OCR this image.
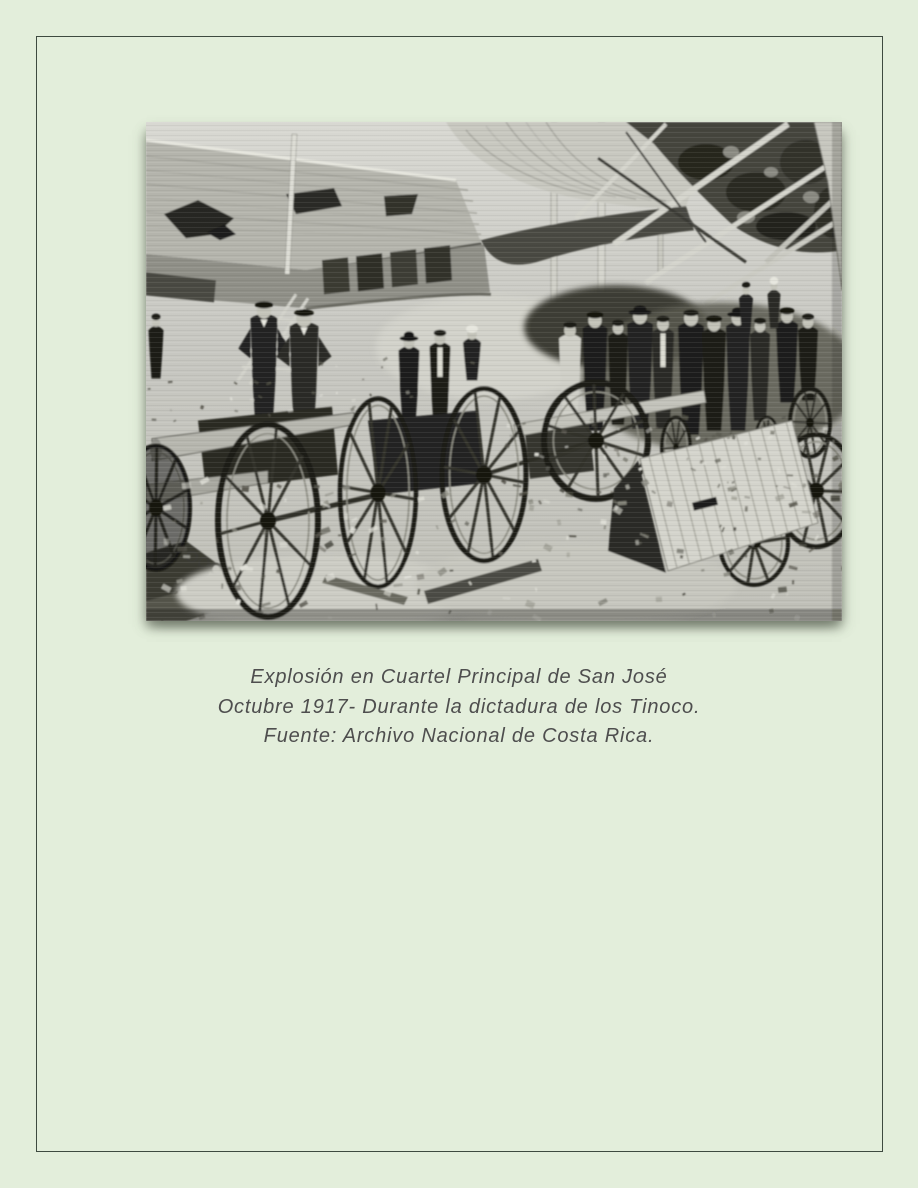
Explosión en Cuartel Principal de San José
Octubre 1917- Durante la dictadura de los Tinoco.
Fuente: Archivo Nacional de Costa Rica.
